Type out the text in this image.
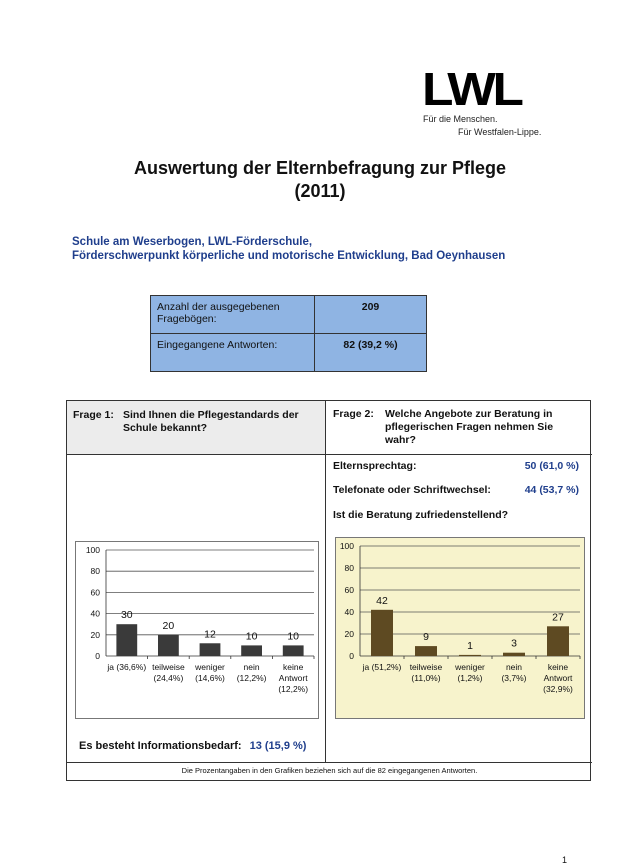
LWL
Für die Menschen.
Für Westfalen-Lippe.
Auswertung der Elternbefragung zur Pflege
(2011)
Schule am Weserbogen, LWL-Förderschule,
Förderschwerpunkt körperliche und motorische Entwicklung, Bad Oeynhausen
Anzahl der ausgegebenen Fragebögen:	209
Eingegangene Antworten:	82 (39,2 %)
Frage 1: Sind Ihnen die Pflegestandards der Schule bekannt?
Frage 2: Welche Angebote zur Beratung in pflegerischen Fragen nehmen Sie wahr?
Elternsprechtag:	50 (61,0 %)
Telefonate oder Schriftwechsel:	44 (53,7 %)
Ist die Beratung zufriedenstellend?
0
20
40
60
80
100
30
ja (36,6%)
20
teilweise
(24,4%)
12
weniger
(14,6%)
10
nein
(12,2%)
10
keine
Antwort
(12,2%)
0
20
40
60
80
100
42
ja (51,2%)
9
teilweise
(11,0%)
1
weniger
(1,2%)
3
nein
(3,7%)
27
keine
Antwort
(32,9%)
Es besteht Informationsbedarf: 13 (15,9 %)
Die Prozentangaben in den Grafiken beziehen sich auf die 82 eingegangenen Antworten.
1
